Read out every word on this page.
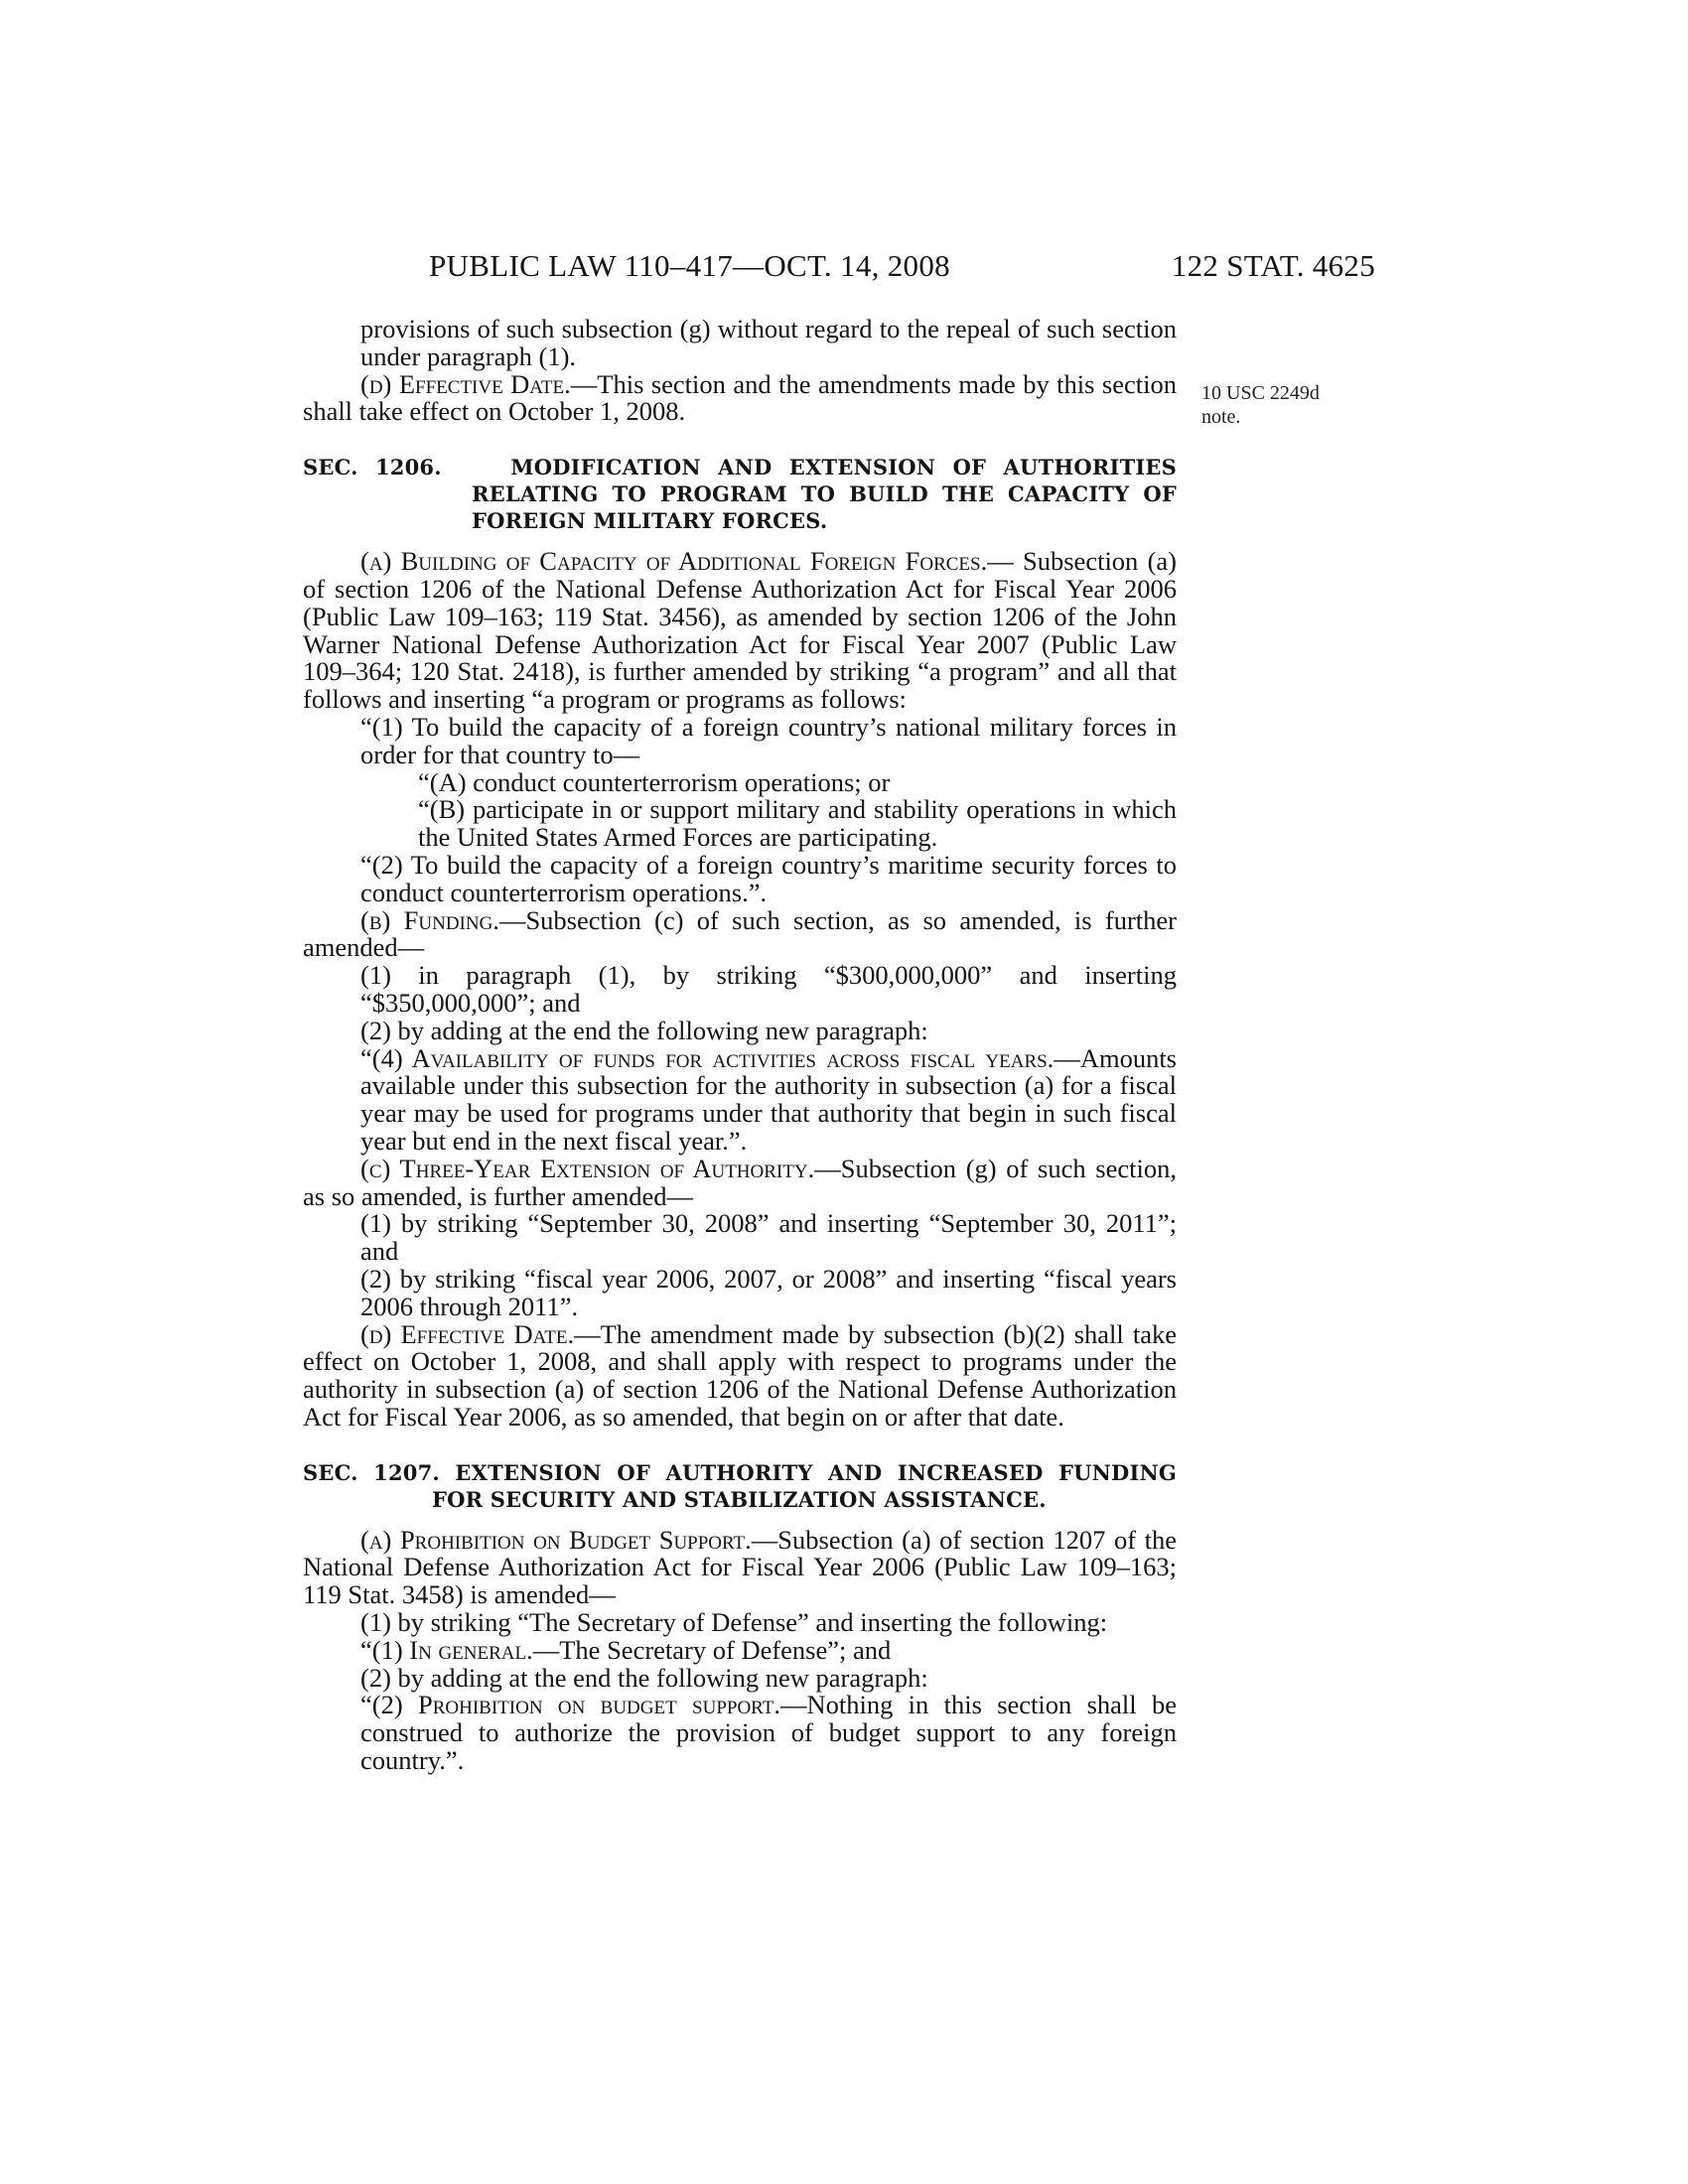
PUBLIC LAW 110–417—OCT. 14, 2008	122 STAT. 4625
10 USC 2249d
note.

provisions of such subsection (g) without regard to the repeal of such section under paragraph (1).

(d) Effective Date.—This section and the amendments made by this section shall take effect on October 1, 2008.

SEC. 1206.	MODIFICATION AND EXTENSION OF AUTHORITIES RELATING TO PROGRAM TO BUILD THE CAPACITY OF FOREIGN MILITARY FORCES.

(a) Building of Capacity of Additional Foreign Forces.— Subsection (a) of section 1206 of the National Defense Authorization Act for Fiscal Year 2006 (Public Law 109–163; 119 Stat. 3456), as amended by section 1206 of the John Warner National Defense Authorization Act for Fiscal Year 2007 (Public Law 109–364; 120 Stat. 2418), is further amended by striking “a program” and all that follows and inserting “a program or programs as follows:

“(1) To build the capacity of a foreign country’s national military forces in order for that country to—

“(A) conduct counterterrorism operations; or

“(B) participate in or support military and stability operations in which the United States Armed Forces are participating.

“(2) To build the capacity of a foreign country’s maritime security forces to conduct counterterrorism operations.”.

(b) Funding.—Subsection (c) of such section, as so amended, is further amended—

(1) in paragraph (1), by striking “$300,000,000” and inserting “$350,000,000”; and

(2) by adding at the end the following new paragraph:

“(4) Availability of funds for activities across fiscal years.—Amounts available under this subsection for the authority in subsection (a) for a fiscal year may be used for programs under that authority that begin in such fiscal year but end in the next fiscal year.”.

(c) Three-Year Extension of Authority.—Subsection (g) of such section, as so amended, is further amended—

(1) by striking “September 30, 2008” and inserting “September 30, 2011”; and

(2) by striking “fiscal year 2006, 2007, or 2008” and inserting “fiscal years 2006 through 2011”.

(d) Effective Date.—The amendment made by subsection (b)(2) shall take effect on October 1, 2008, and shall apply with respect to programs under the authority in subsection (a) of section 1206 of the National Defense Authorization Act for Fiscal Year 2006, as so amended, that begin on or after that date.

SEC. 1207. EXTENSION OF AUTHORITY AND INCREASED FUNDING FOR SECURITY AND STABILIZATION ASSISTANCE.

(a) Prohibition on Budget Support.—Subsection (a) of section 1207 of the National Defense Authorization Act for Fiscal Year 2006 (Public Law 109–163; 119 Stat. 3458) is amended—

(1) by striking “The Secretary of Defense” and inserting the following:

“(1) In general.—The Secretary of Defense”; and

(2) by adding at the end the following new paragraph:

“(2) Prohibition on budget support.—Nothing in this section shall be construed to authorize the provision of budget support to any foreign country.”.
